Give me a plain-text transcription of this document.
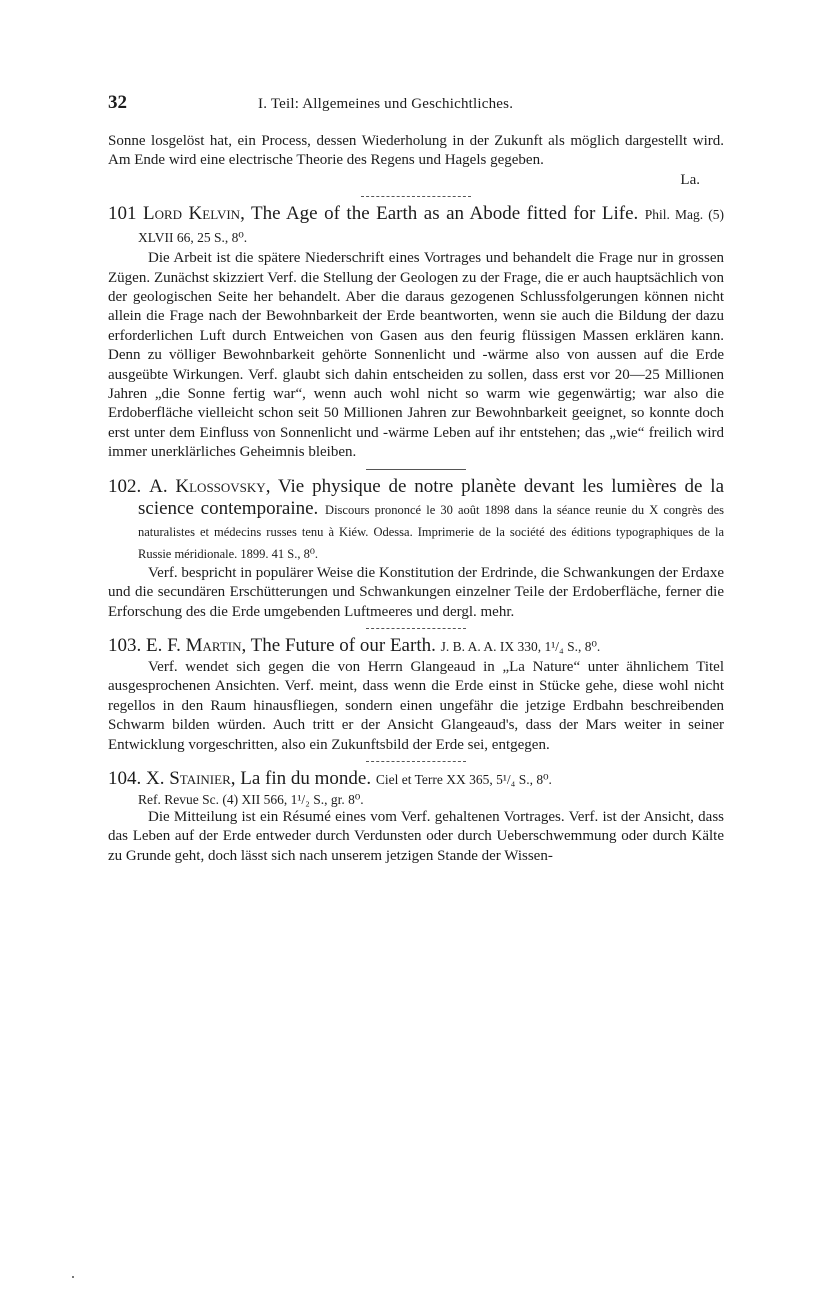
32	I. Teil: Allgemeines und Geschichtliches.

Sonne losgelöst hat, ein Process, dessen Wiederholung in der Zukunft als möglich dargestellt wird. Am Ende wird eine electrische Theorie des Regens und Hagels gegeben.

La.
101 Lord Kelvin, The Age of the Earth as an Abode fitted for Life. Phil. Mag. (5) XLVII 66, 25 S., 8⁰.

Die Arbeit ist die spätere Niederschrift eines Vortrages und behandelt die Frage nur in grossen Zügen. Zunächst skizziert Verf. die Stellung der Geologen zu der Frage, die er auch hauptsächlich von der geologischen Seite her behandelt. Aber die daraus gezogenen Schlussfolgerungen können nicht allein die Frage nach der Bewohnbarkeit der Erde beantworten, wenn sie auch die Bildung der dazu erforderlichen Luft durch Entweichen von Gasen aus den feurig flüssigen Massen erklären kann. Denn zu völliger Bewohnbarkeit gehörte Sonnenlicht und -wärme also von aussen auf die Erde ausgeübte Wirkungen. Verf. glaubt sich dahin entscheiden zu sollen, dass erst vor 20—25 Millionen Jahren „die Sonne fertig war“, wenn auch wohl nicht so warm wie gegenwärtig; war also die Erdoberfläche vielleicht schon seit 50 Millionen Jahren zur Bewohnbarkeit geeignet, so konnte doch erst unter dem Einfluss von Sonnenlicht und -wärme Leben auf ihr entstehen; das „wie“ freilich wird immer unerklärliches Geheimnis bleiben.

102. A. Klossovsky, Vie physique de notre planète devant les lumières de la science contemporaine. Discours prononcé le 30 août 1898 dans la séance reunie du X congrès des naturalistes et médecins russes tenu à Kiéw. Odessa. Imprimerie de la société des éditions typographiques de la Russie méridionale. 1899. 41 S., 8⁰.

Verf. bespricht in populärer Weise die Konstitution der Erdrinde, die Schwankungen der Erdaxe und die secundären Erschütterungen und Schwankungen einzelner Teile der Erdoberfläche, ferner die Erforschung des die Erde umgebenden Luftmeeres und dergl. mehr.

103. E. F. Martin, The Future of our Earth. J. B. A. A. IX 330, 1¹/₄ S., 8⁰.

Verf. wendet sich gegen die von Herrn Glangeaud in „La Nature“ unter ähnlichem Titel ausgesprochenen Ansichten. Verf. meint, dass wenn die Erde einst in Stücke gehe, diese wohl nicht regellos in den Raum hinausfliegen, sondern einen ungefähr die jetzige Erdbahn beschreibenden Schwarm bilden würden. Auch tritt er der Ansicht Glangeaud's, dass der Mars weiter in seiner Entwicklung vorgeschritten, also ein Zukunftsbild der Erde sei, entgegen.

104. X. Stainier, La fin du monde. Ciel et Terre XX 365, 5¹/₄ S., 8⁰.
Ref. Revue Sc. (4) XII 566, 1¹/₂ S., gr. 8⁰.

Die Mitteilung ist ein Résumé eines vom Verf. gehaltenen Vortrages. Verf. ist der Ansicht, dass das Leben auf der Erde entweder durch Verdunsten oder durch Ueberschwemmung oder durch Kälte zu Grunde geht, doch lässt sich nach unserem jetzigen Stande der Wissen-
